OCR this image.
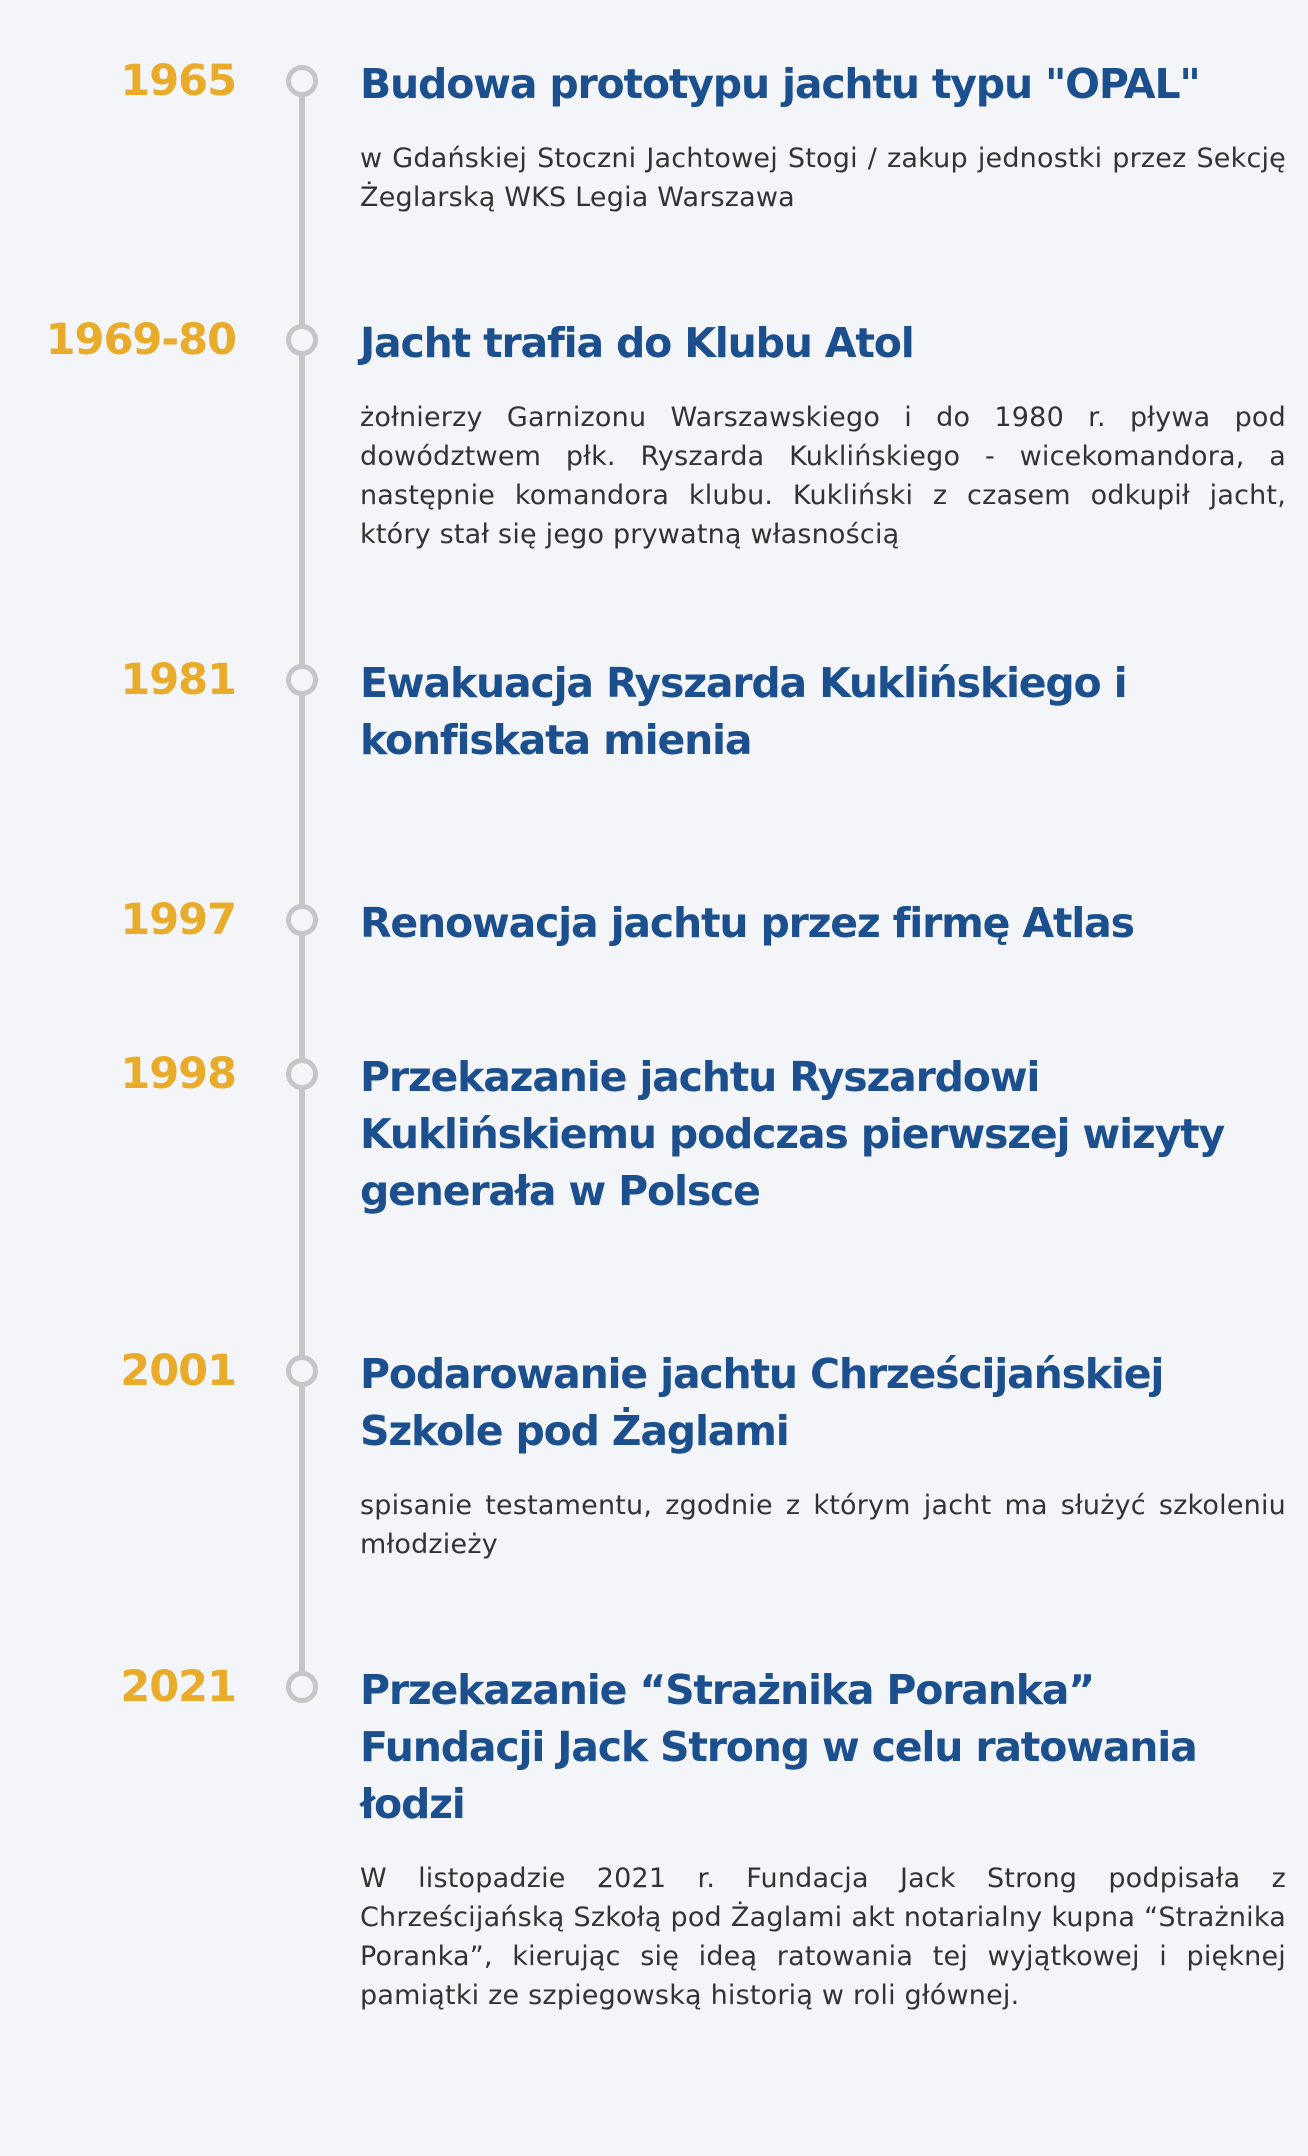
1965	Budowa prototypu jachtu typu "OPAL"

w Gdańskiej Stoczni Jachtowej Stogi / zakup jednostki przez Sekcję Żeglarską WKS Legia Warszawa

1969-80	Jacht trafia do Klubu Atol

żołnierzy Garnizonu Warszawskiego i do 1980 r. pływa pod dowództwem płk. Ryszarda Kuklińskiego - wicekomandora, a następnie komandora klubu. Kukliński z czasem odkupił jacht, który stał się jego prywatną własnością

1981	Ewakuacja Ryszarda Kuklińskiego i konfiskata mienia
1997	Renowacja jachtu przez firmę Atlas
1998	Przekazanie jachtu Ryszardowi Kuklińskiemu podczas pierwszej wizyty generała w Polsce
2001	Podarowanie jachtu Chrześcijańskiej Szkole pod Żaglami

spisanie testamentu, zgodnie z którym jacht ma służyć szkoleniu młodzieży

2021	Przekazanie “Strażnika Poranka” Fundacji Jack Strong w celu ratowania łodzi

W listopadzie 2021 r. Fundacja Jack Strong podpisała z Chrześcijańską Szkołą pod Żaglami akt notarialny kupna “Strażnika Poranka”, kierując się ideą ratowania tej wyjątkowej i pięknej pamiątki ze szpiegowską historią w roli głównej.
